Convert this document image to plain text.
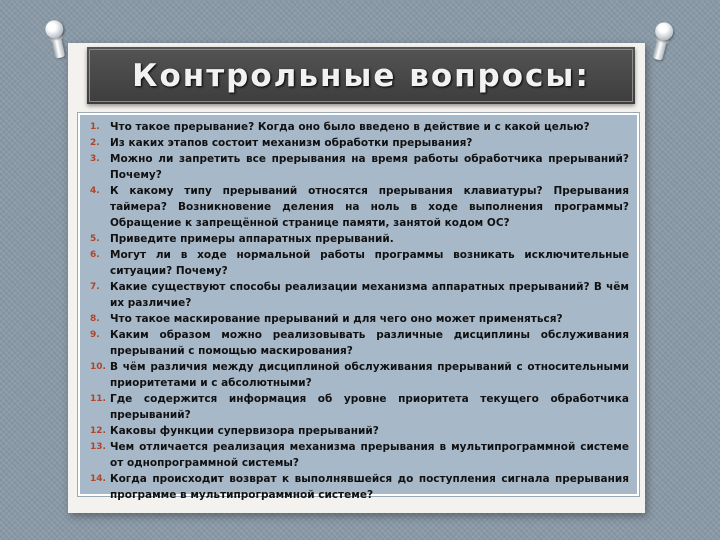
Контрольные вопросы:
1. Что такое прерывание? Когда оно было введено в действие и с какой целью?
2. Из каких этапов состоит механизм обработки прерывания?
3. Можно ли запретить все прерывания на время работы обработчика прерываний? Почему?
4. К какому типу прерываний относятся прерывания клавиатуры? Прерывания таймера? Возникновение деления на ноль в ходе выполнения программы? Обращение к запрещённой странице памяти, занятой кодом ОС?
5. Приведите примеры аппаратных прерываний.
6. Могут ли в ходе нормальной работы программы возникать исключительные ситуации? Почему?
7. Какие существуют способы реализации механизма аппаратных прерываний? В чём их различие?
8. Что такое маскирование прерываний и для чего оно может применяться?
9. Каким образом можно реализовывать различные дисциплины обслуживания прерываний с помощью маскирования?
10. В чём различия между дисциплиной обслуживания прерываний с относительными приоритетами и с абсолютными?
11. Где содержится информация об уровне приоритета текущего обработчика прерываний?
12. Каковы функции супервизора прерываний?
13. Чем отличается реализация механизма прерывания в мультипрограммной системе от однопрограммной системы?
14. Когда происходит возврат к выполнявшейся до поступления сигнала прерывания программе в мультипрограммной системе?
